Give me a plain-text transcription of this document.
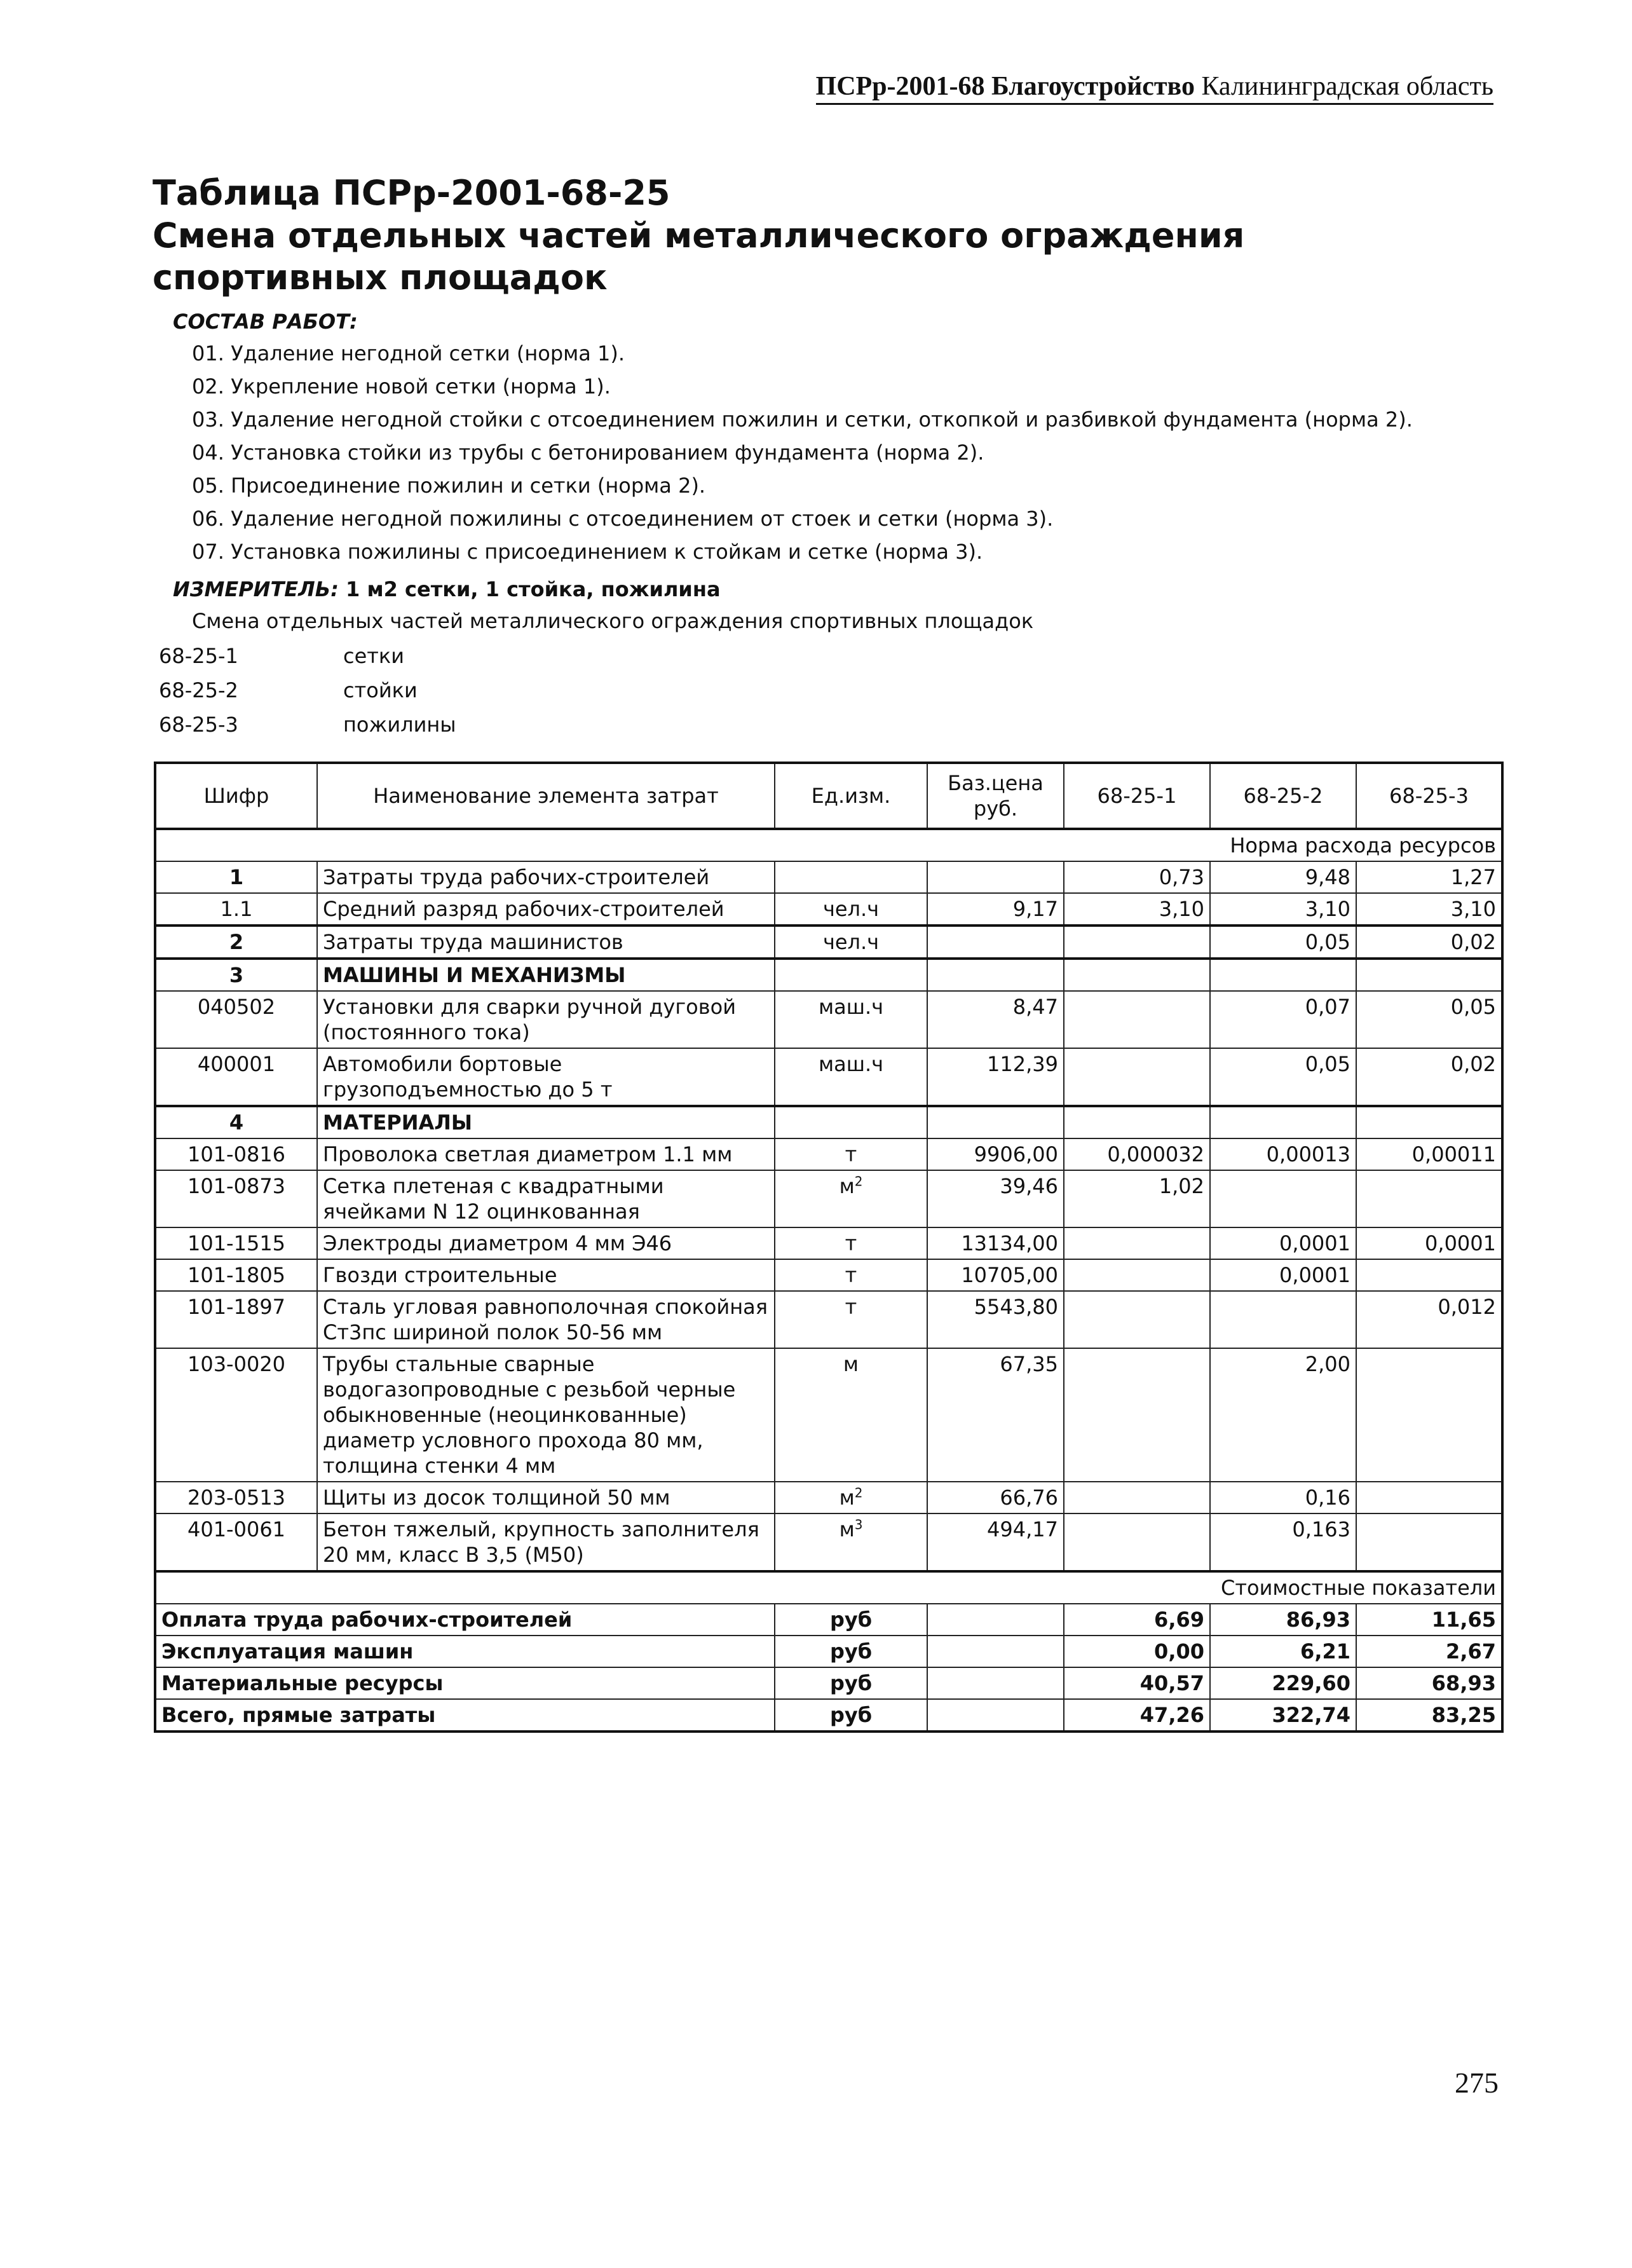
ПСРр-2001-68 Благоустройство Калининградская область
Таблица ПСРр-2001-68-25
Смена отдельных частей металлического ограждения спортивных площадок
СОСТАВ РАБОТ:
01. Удаление негодной сетки (норма 1).
02. Укрепление новой сетки (норма 1).
03. Удаление негодной стойки с отсоединением пожилин и сетки, откопкой и разбивкой фундамента (норма 2).
04. Установка стойки из трубы с бетонированием фундамента (норма 2).
05. Присоединение пожилин и сетки (норма 2).
06. Удаление негодной пожилины с отсоединением от стоек и сетки (норма 3).
07. Установка пожилины с присоединением к стойкам и сетке (норма 3).
ИЗМЕРИТЕЛЬ: 1 м2 сетки, 1 стойка, пожилина
Смена отдельных частей металлического ограждения спортивных площадок
68-25-1	сетки
68-25-2	стойки
68-25-3	пожилины
Шифр	Наименование элемента затрат	Ед.изм.	Баз.цена руб.	68-25-1	68-25-2	68-25-3
Норма расхода ресурсов						
1	Затраты труда рабочих-строителей			0,73	9,48	1,27
1.1	Средний разряд рабочих-строителей	чел.ч	9,17	3,10	3,10	3,10
2	Затраты труда машинистов	чел.ч			0,05	0,02
3	МАШИНЫ И МЕХАНИЗМЫ					
040502	Установки для сварки ручной дуговой (постоянного тока)	маш.ч	8,47		0,07	0,05
400001	Автомобили бортовые грузоподъемностью до 5 т	маш.ч	112,39		0,05	0,02
4	МАТЕРИАЛЫ					
101-0816	Проволока светлая диаметром 1.1 мм	т	9906,00	0,000032	0,00013	0,00011
101-0873	Сетка плетеная с квадратными ячейками N 12 оцинкованная	$м^2$	39,46	1,02		
101-1515	Электроды диаметром 4 мм Э46	т	13134,00		0,0001	0,0001
101-1805	Гвозди строительные	т	10705,00		0,0001	
101-1897	Сталь угловая равнополочная спокойная Ст3пс шириной полок 50-56 мм	т	5543,80			0,012
103-0020	Трубы стальные сварные водогазопроводные с резьбой черные обыкновенные (неоцинкованные) диаметр условного прохода 80 мм, толщина стенки 4 мм	м	67,35		2,00	
203-0513	Щиты из досок толщиной 50 мм	$м^2$	66,76		0,16	
401-0061	Бетон тяжелый, крупность заполнителя 20 мм, класс В 3,5 (М50)	$м^3$	494,17		0,163	
Стоимостные показатели						
Оплата труда рабочих-строителей		руб		6,69	86,93	11,65
Эксплуатация машин		руб		0,00	6,21	2,67
Материальные ресурсы		руб		40,57	229,60	68,93
Всего, прямые затраты		руб		47,26	322,74	83,25
275
